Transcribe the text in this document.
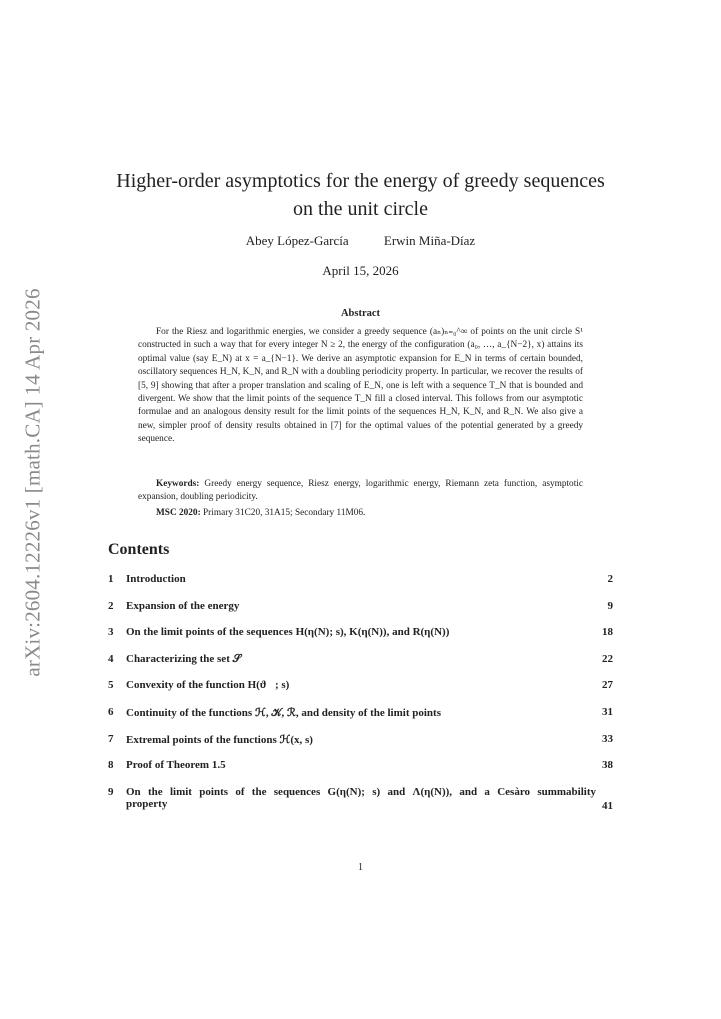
arXiv:2604.12226v1 [math.CA] 14 Apr 2026
Higher-order asymptotics for the energy of greedy sequences on the unit circle
Abey López-García	Erwin Miña-Díaz
April 15, 2026
Abstract
For the Riesz and logarithmic energies, we consider a greedy sequence (aₙ)ₙ₌₀^∞ of points on the unit circle S¹ constructed in such a way that for every integer N ≥ 2, the energy of the configuration (a₀, …, a_{N−2}, x) attains its optimal value (say E_N) at x = a_{N−1}. We derive an asymptotic expansion for E_N in terms of certain bounded, oscillatory sequences H_N, K_N, and R_N with a doubling periodicity property. In particular, we recover the results of [5, 9] showing that after a proper translation and scaling of E_N, one is left with a sequence T_N that is bounded and divergent. We show that the limit points of the sequence T_N fill a closed interval. This follows from our asymptotic formulae and an analogous density result for the limit points of the sequences H_N, K_N, and R_N. We also give a new, simpler proof of density results obtained in [7] for the optimal values of the potential generated by a greedy sequence.
Keywords: Greedy energy sequence, Riesz energy, logarithmic energy, Riemann zeta function, asymptotic expansion, doubling periodicity.
MSC 2020: Primary 31C20, 31A15; Secondary 11M06.
Contents
1	Introduction	2
2	Expansion of the energy	9
3	On the limit points of the sequences H(η(N); s), K(η(N)), and R(η(N))	18
4	Characterizing the set 𝒮	22
5	Convexity of the function H(ϑ⃗; s)	27
6	Continuity of the functions ℋ, 𝒦, ℛ, and density of the limit points	31
7	Extremal points of the functions ℋ(x, s)	33
8	Proof of Theorem 1.5	38
9	On the limit points of the sequences G(η(N); s) and Λ(η(N)), and a Cesàro summability property	41
1
